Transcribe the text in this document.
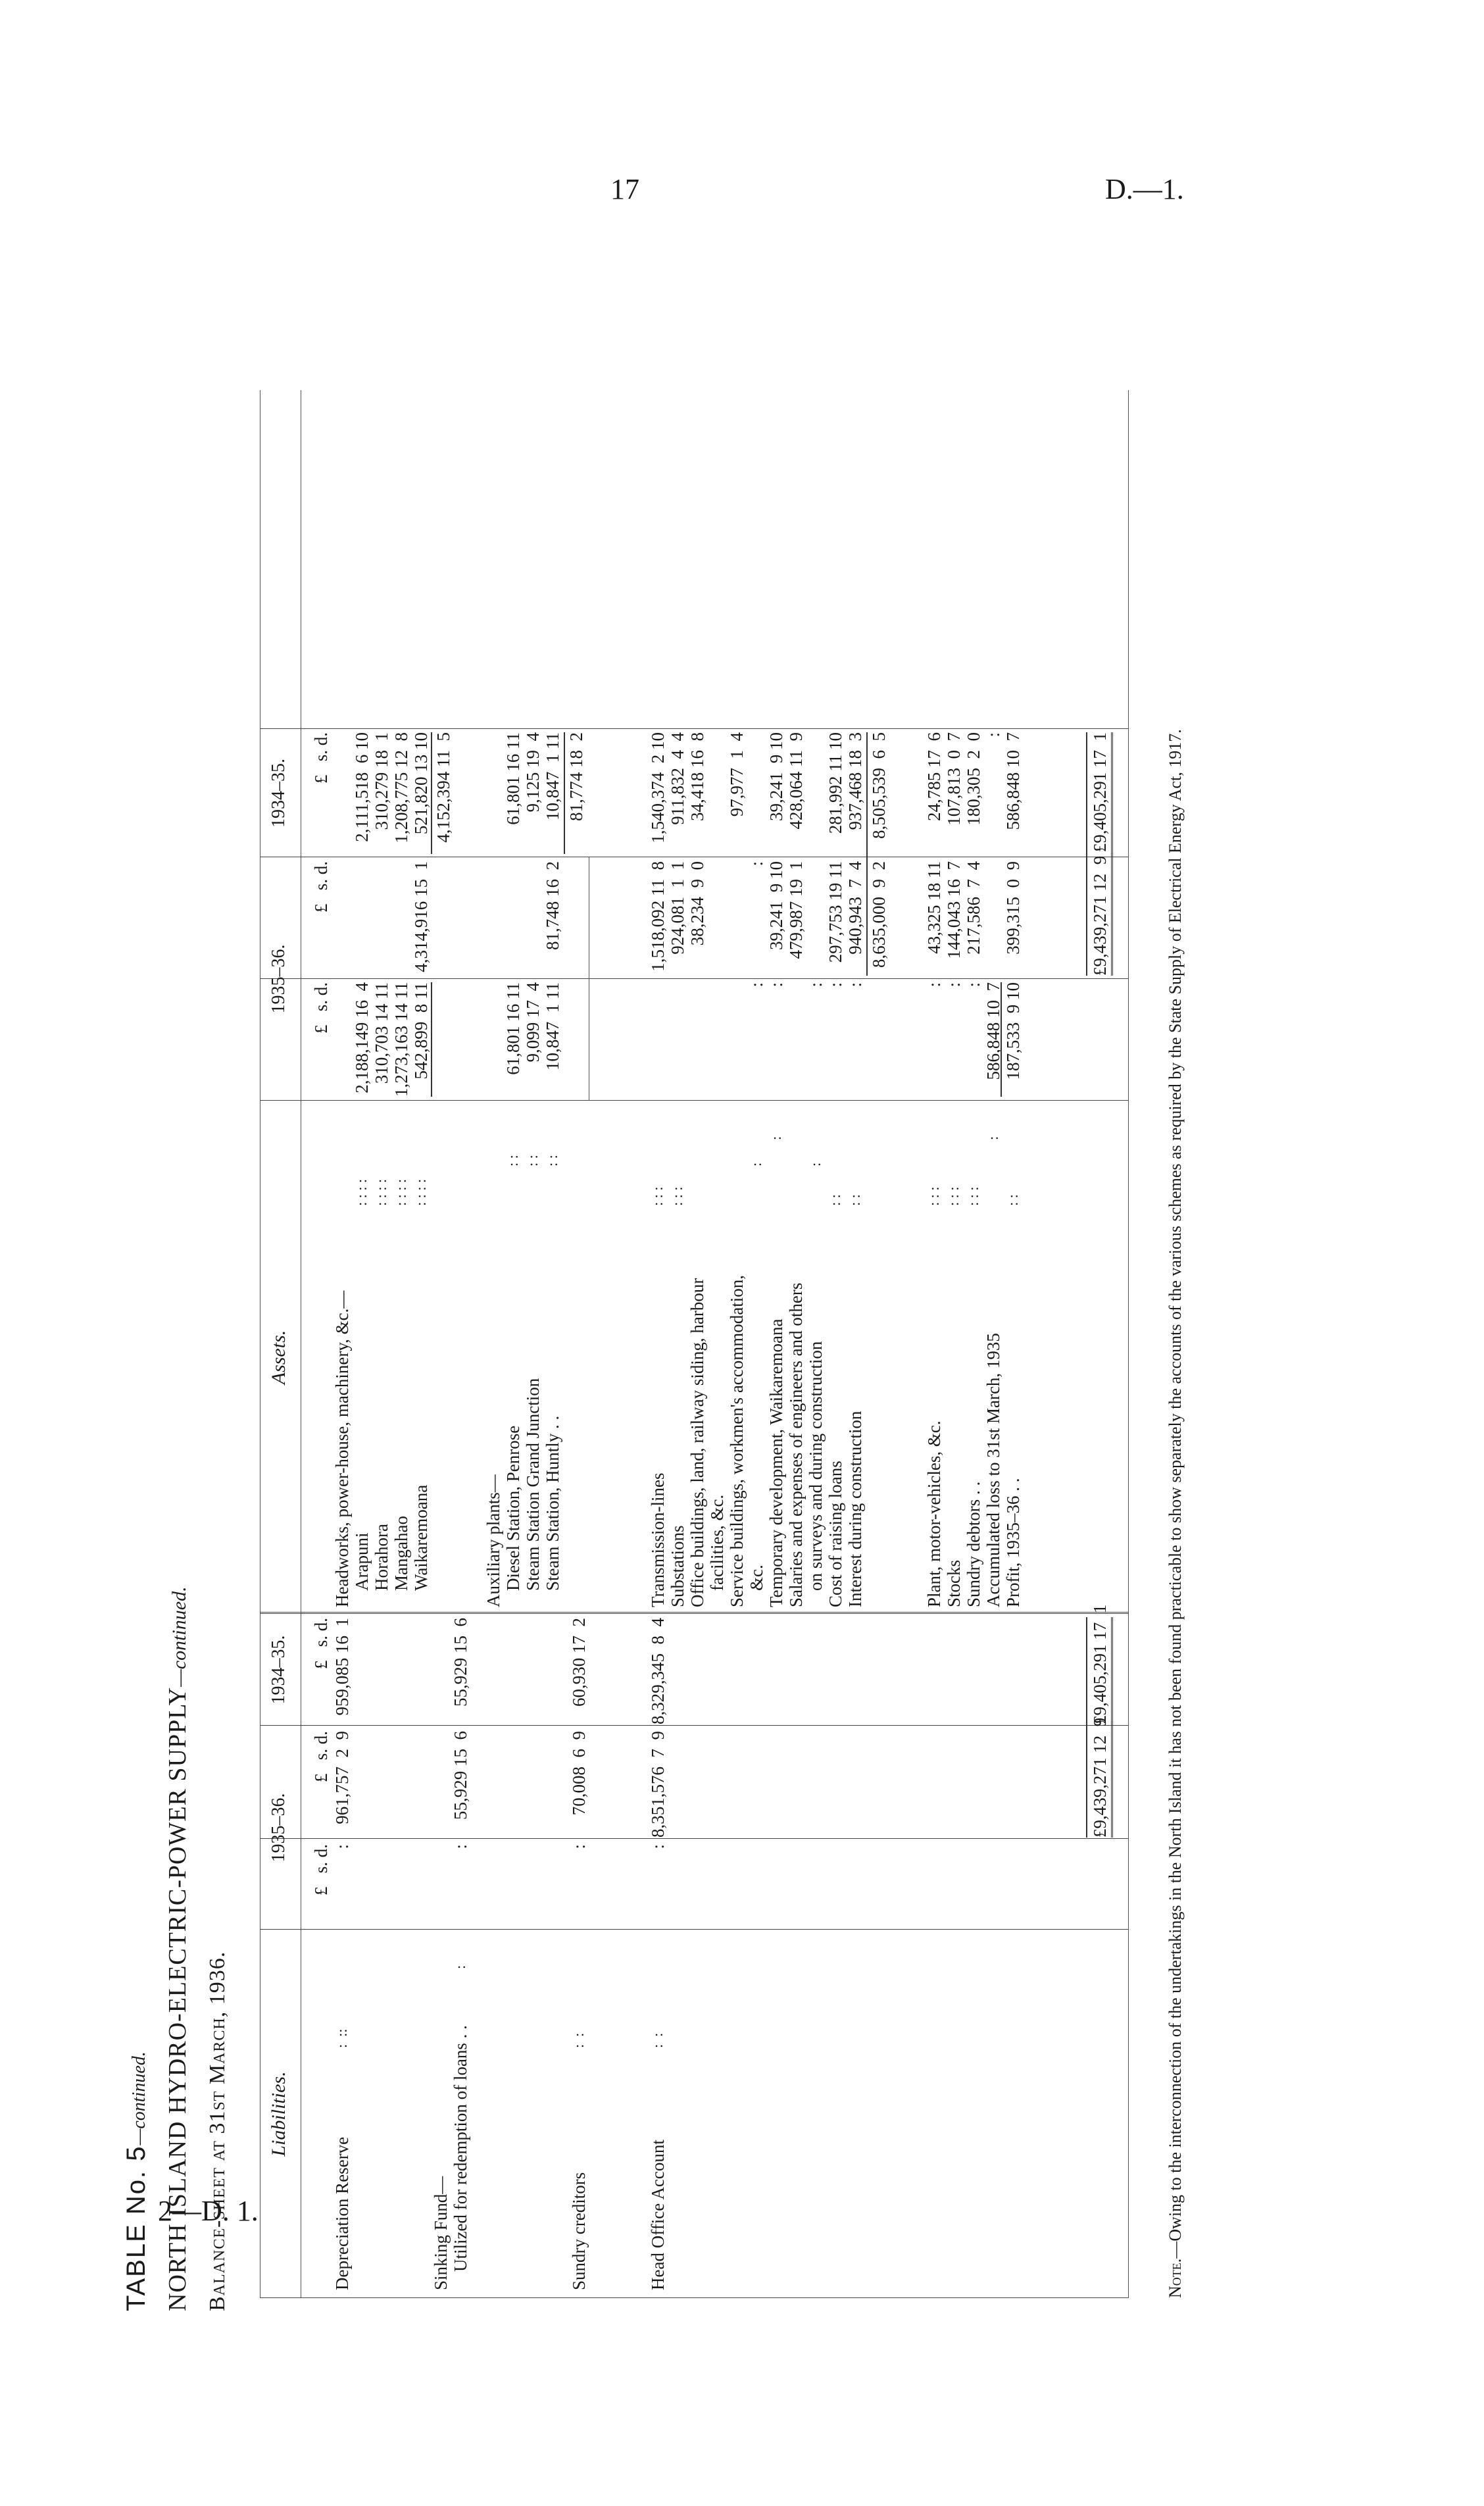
17	D.—1.
2—D. 1.
TABLE No. 5—continued. NORTH ISLAND HYDRO-ELECTRIC-POWER SUPPLY—continued.
Balance-sheet at 31st March, 1936. Liabilities.
1935–36.
1934–35.
Assets.
1935–36.
1934–35.

£   s. d.

£   s. d.

£   s. d.

£   s. d.

£   s. d.

£   s. d.

Depreciation Reserve

:  ::

:

961,757  2  9

959,085 16  1

Sinking Fund—

Utilized for redemption of loans . .

:

:

55,929 15  6

55,929 15  6

Sundry creditors

:  :

:

70,008  6  9

60,930 17  2

Head Office Account

:  :

:

8,351,576  7  9

8,329,345  8  4

£9,439,271 12  9

£9,405,291 17  1

Headworks, power-house, machinery, &c.— Arapuni
: : : :
2,188,149 16  4
2,111,518  6 10
Horahora
: : : :
310,703 14 11
310,279 18  1
Mangahao
: : : :
1,273,163 14 11
1,208,775 12  8
Waikaremoana
: : : :
542,899  8 11
4,314,916 15  1
521,820 13 10 4,152,394 11  5
Auxiliary plants— Diesel Station, Penrose
: :
61,801 16 11
61,801 16 11
Steam Station Grand Junction
: :
9,099 17  4
9,125 19  4
Steam Station, Huntly . .
: :
10,847  1 11
81,748 16  2
10,847  1 11 81,774 18  2
Transmission-lines
: : :
1,518,092 11  8
1,540,374  2 10
Substations
: : :
924,081  1  1
911,832  4  4
Office buildings, land, railway siding, harbour
38,234  9  0
34,418 16  8
facilities, &c. Service buildings, workmen's accommodation,
97,977  1  4
&c.
:
:
:
Temporary development, Waikaremoana
:
:
39,241  9 10
39,241  9 10
Salaries and expenses of engineers and others
479,987 19  1
428,064 11  9
on surveys and during construction
:
:
Cost of raising loans
: :
:
297,753 19 11
281,992 11 10
Interest during construction
: :
:
940,943  7  4
937,468 18  3
8,635,000  9  2
8,505,539  6  5
Plant, motor-vehicles, &c.
: : :
:
43,325 18 11
24,785 17  6
Stocks
: : :
:
144,043 16  7
107,813  0  7
Sundry debtors . .
: : :
:
217,586  7  4
180,305  2  0
Accumulated loss to 31st March, 1935
:
586,848 10  7
:
Profit, 1935–36 . .
: :
187,533  9 10
399,315  0  9
586,848 10  7

£9,439,271 12  9

£9,405,291 17  1

Note.—Owing to the interconnection of the undertakings in the North Island it has not been found practicable to show separately the accounts of the various schemes as required by the State Supply of Electrical Energy Act, 1917.
